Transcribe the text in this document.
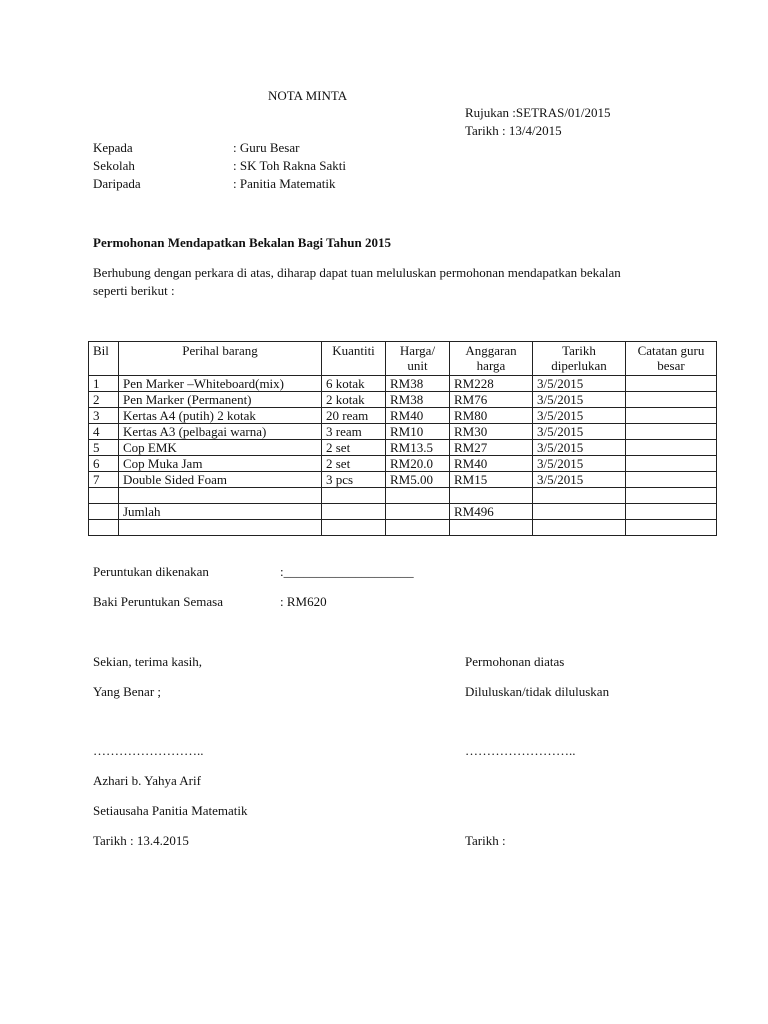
NOTA MINTA
Rujukan :SETRAS/01/2015
Tarikh : 13/4/2015
Kepada	: Guru Besar
Sekolah	: SK Toh Rakna Sakti
Daripada	: Panitia Matematik
Permohonan Mendapatkan Bekalan Bagi Tahun 2015
Berhubung dengan perkara di atas, diharap dapat tuan meluluskan permohonan mendapatkan bekalan
seperti berikut :
Bil	Perihal barang	Kuantiti	Harga/ unit	Anggaran harga	Tarikh diperlukan	Catatan guru besar
1	Pen Marker –Whiteboard(mix)	6 kotak	RM38	RM228	3/5/2015	
2	Pen Marker (Permanent)	2 kotak	RM38	RM76	3/5/2015	
3	Kertas A4 (putih) 2 kotak	20 ream	RM40	RM80	3/5/2015	
4	Kertas A3 (pelbagai warna)	3 ream	RM10	RM30	3/5/2015	
5	Cop EMK	2 set	RM13.5	RM27	3/5/2015	
6	Cop Muka Jam	2 set	RM20.0	RM40	3/5/2015	
7	Double Sided Foam	3 pcs	RM5.00	RM15	3/5/2015	

	Jumlah			RM496		

Peruntukan dikenakan	:____________________
Baki Peruntukan Semasa	: RM620
Sekian, terima kasih,
Yang Benar ;
……………………..
Azhari b. Yahya Arif
Setiausaha Panitia Matematik
Tarikh : 13.4.2015
Permohonan diatas
Diluluskan/tidak diluluskan
……………………..
Tarikh :
